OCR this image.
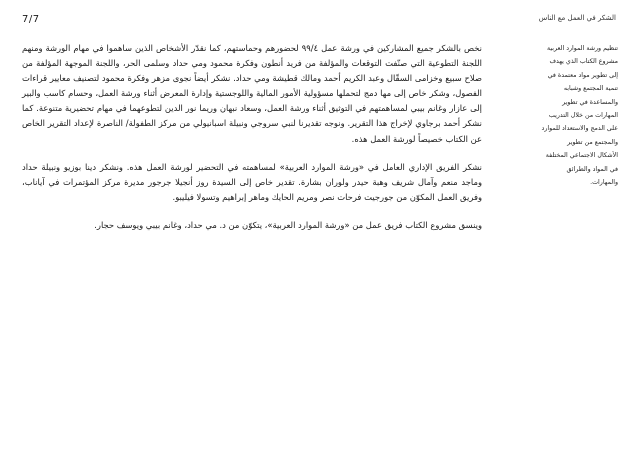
7/7	الشكر في العمل مع الناس
تنظيم ورشة الموارد العربية
مشروع الكتاب الذي يهدف
إلى تطوير مواد معتمدة في
تنمية المجتمع وشبابه
والمساعدة في تطوير
المهارات من خلال التدريب
على الدمج والاستعداد للموارد
والمجتمع من تطوير
الأشكال الاجتماعي المختلفة
في المواد والطرائق
والمهارات.

نخص بالشكر جميع المشاركين في ورشة عمل ٩٩/٤ لحضورهم وحماستهم، كما نقدّر الأشخاص الذين ساهموا في مهام الورشة ومنهم اللجنة التطوعية التي صنّفت التوقعات والمؤلفة من فريد أنطون وفكرة محمود ومي حداد وسلمى الحر، واللجنة الموجهة المؤلفة من صلاح سبيع وخزامى السقّال وعبد الكريم أحمد ومالك قطيشة ومي حداد. نشكر أيضاً نجوى مزهر وفكرة محمود لتصنيف معايير قراءات الفصول، وشكر خاص إلى مها دمج لتحملها مسؤولية الأمور المالية واللوجستية وإدارة المعرض أثناء ورشة العمل، وحسام كاسب والبير إلى عازار وغانم بيبي لمساهمتهم في التوثيق أثناء ورشة العمل، وسعاد نبهان وريما نور الدين لتطوعهما في مهام تحضيرية متنوعة. كما نشكر أحمد برجاوي لإخراج هذا التقرير. ونوجه تقديرنا لنبي سروجي ونبيلة اسبانيولي من مركز الطفولة/ الناصرة لإعداد التقرير الخاص عن الكتاب خصيصاً لورشة العمل هذه.

نشكر الفريق الإداري العامل في «ورشة الموارد العربية» لمساهمته في التحضير لورشة العمل هذه. ونشكر دينا بوزيو ونبيلة حداد وماجد منعم وآمال شريف وهبة حيدر ولوران بشارة. تقدير خاص إلى السيدة روز أنجيلا جرجور مديرة مركز المؤتمرات في آياناب، وفريق العمل المكوّن من جورجيت فرحات نصر ومريم الحايك وماهر إبراهيم وتسولا فيليبو.

وينسق مشروع الكتاب فريق عمل من «ورشة الموارد العربية»، يتكوّن من د. مي حداد، وغانم بيبي ويوسف حجار.
